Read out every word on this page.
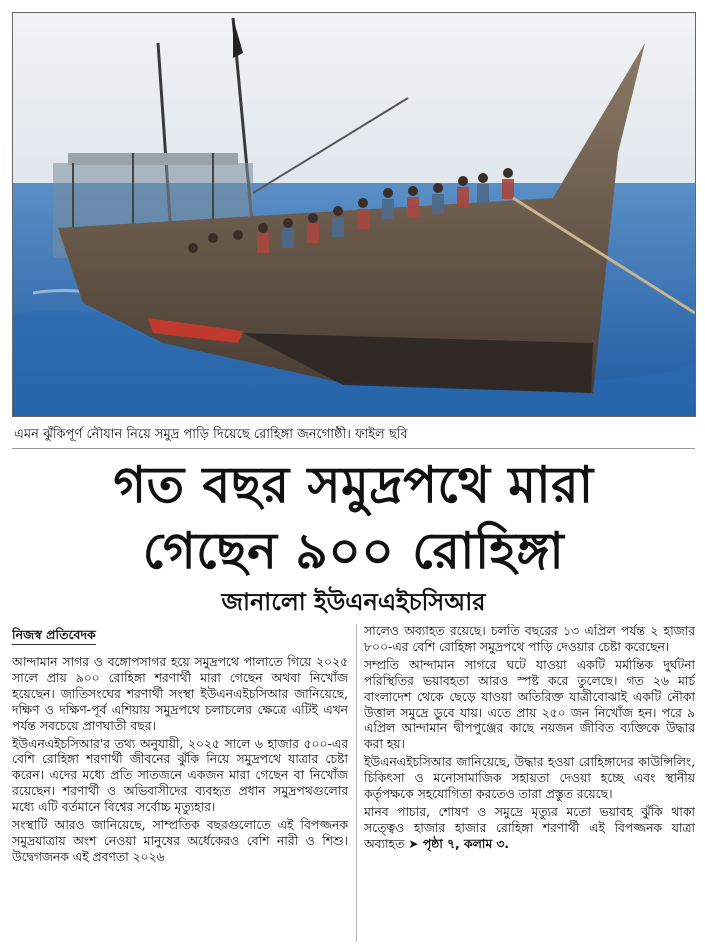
এমন ঝুঁকিপূর্ণ নৌযান নিয়ে সমুদ্র পাড়ি দিয়েছে রোহিঙ্গা জনগোষ্ঠী। ফাইল ছবি
গত বছর সমুদ্রপথে মারা
গেছেন ৯০০ রোহিঙ্গা
জানালো ইউএনএইচসিআর
নিজস্ব প্রতিবেদক

আন্দামান সাগর ও বঙ্গোপসাগর হয়ে সমুদ্রপথে পালাতে গিয়ে ২০২৫ সালে প্রায় ৯০০ রোহিঙ্গা শরণার্থী মারা গেছেন অথবা নিখোঁজ হয়েছেন। জাতিসংঘের শরণার্থী সংস্থা ইউএনএইচসিআর জানিয়েছে, দক্ষিণ ও দক্ষিণ-পূর্ব এশিয়ায় সমুদ্রপথে চলাচলের ক্ষেত্রে এটিই এখন পর্যন্ত সবচেয়ে প্রাণঘাতী বছর।

ইউএনএইচসিআর'র তথ্য অনুযায়ী, ২০২৫ সালে ৬ হাজার ৫০০-এর বেশি রোহিঙ্গা শরণার্থী জীবনের ঝুঁকি নিয়ে সমুদ্রপথে যাত্রার চেষ্টা করেন। এদের মধ্যে প্রতি সাতজনে একজন মারা গেছেন বা নিখোঁজ রয়েছেন। শরণার্থী ও অভিবাসীদের ব্যবহৃত প্রধান সমুদ্রপথগুলোর মধ্যে এটি বর্তমানে বিশ্বের সর্বোচ্চ মৃত্যুহার।

সংস্থাটি আরও জানিয়েছে, সাম্প্রতিক বছরগুলোতে এই বিপজ্জনক সমুদ্রযাত্রায় অংশ নেওয়া মানুষের অর্ধেকেরও বেশি নারী ও শিশু। উদ্বেগজনক এই প্রবণতা ২০২৬

সালেও অব্যাহত রয়েছে। চলতি বছরের ১৩ এপ্রিল পর্যন্ত ২ হাজার ৮০০-এর বেশি রোহিঙ্গা সমুদ্রপথে পাড়ি দেওয়ার চেষ্টা করেছেন।

সম্প্রতি আন্দামান সাগরে ঘটে যাওয়া একটি মর্মান্তিক দুর্ঘটনা পরিস্থিতির ভয়াবহতা আরও স্পষ্ট করে তুলেছে। গত ২৬ মার্চ বাংলাদেশ থেকে ছেড়ে যাওয়া অতিরিক্ত যাত্রীবোঝাই একটি নৌকা উত্তাল সমুদ্রে ডুবে যায়। এতে প্রায় ২৫০ জন নিখোঁজ হন। পরে ৯ এপ্রিল আন্দামান দ্বীপপুঞ্জের কাছে নয়জন জীবিত ব্যক্তিকে উদ্ধার করা হয়।

ইউএনএইচসিআর জানিয়েছে, উদ্ধার হওয়া রোহিঙ্গাদের কাউন্সিলিং, চিকিৎসা ও মনোসামাজিক সহায়তা দেওয়া হচ্ছে এবং স্থানীয় কর্তৃপক্ষকে সহযোগিতা করতেও তারা প্রস্তুত রয়েছে।

মানব পাচার, শোষণ ও সমুদ্রে মৃত্যুর মতো ভয়াবহ ঝুঁকি থাকা সত্ত্বেও হাজার হাজার রোহিঙ্গা শরণার্থী এই বিপজ্জনক যাত্রা অব্যাহত ➤ পৃষ্ঠা ৭, কলাম ৩.
